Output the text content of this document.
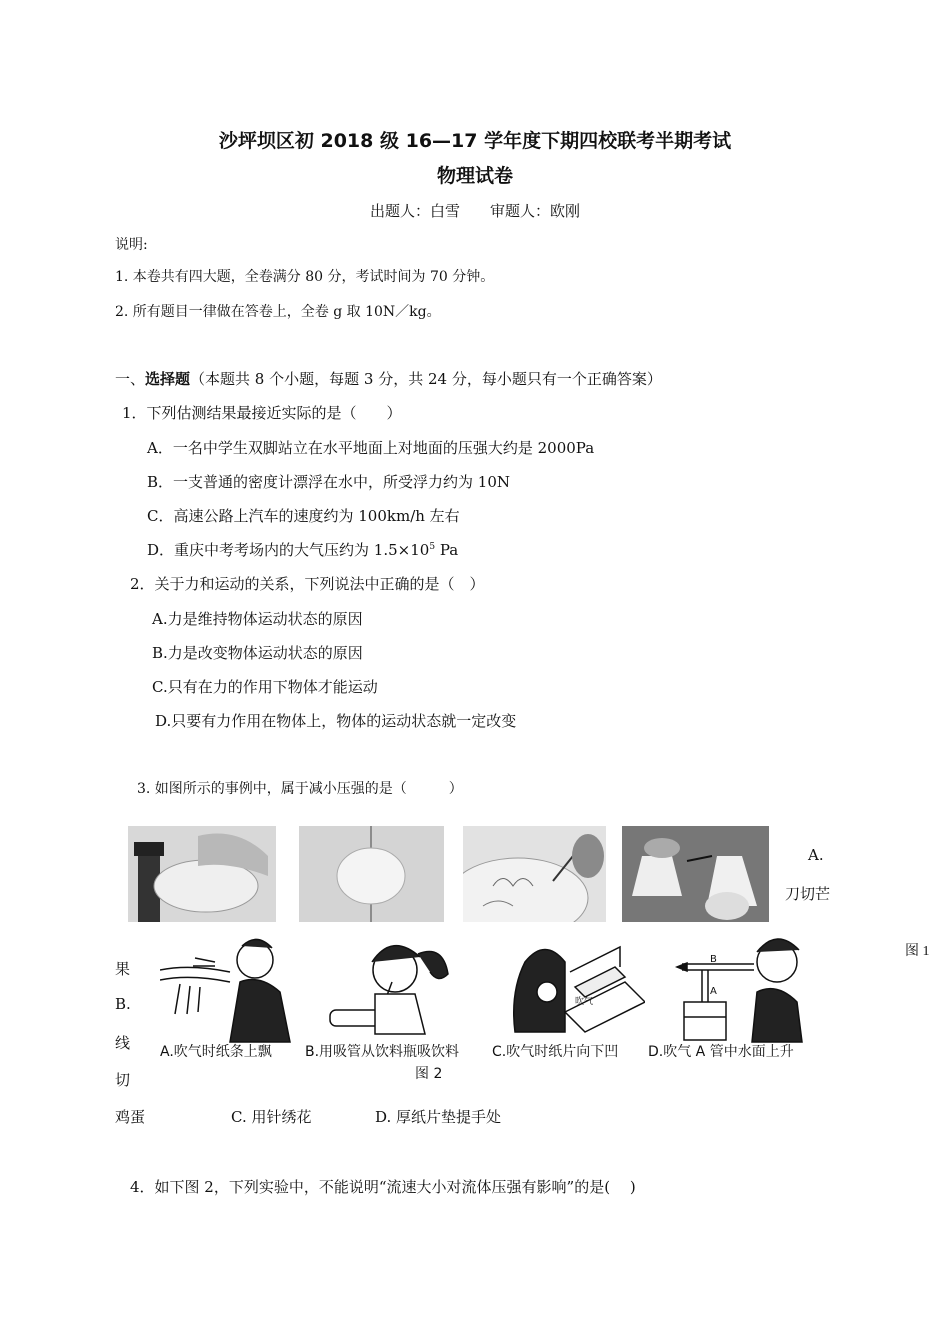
沙坪坝区初 2018 级 16—17 学年度下期四校联考半期考试
物理试卷
出题人：白雪　　审题人：欧刚
说明:
1. 本卷共有四大题，全卷满分 80 分，考试时间为 70 分钟。
2. 所有题目一律做在答卷上，全卷 g 取 10N／kg。
一、选择题（本题共 8 个小题，每题 3 分，共 24 分，每小题只有一个正确答案）
1．下列估测结果最接近实际的是（　　）
A．一名中学生双脚站立在水平地面上对地面的压强大约是 2000Pa
B．一支普通的密度计漂浮在水中，所受浮力约为 10N
C．高速公路上汽车的速度约为 100km/h 左右
D．重庆中考考场内的大气压约为 $1.5\times 10^5$ Pa
2．关于力和运动的关系，下列说法中正确的是（　）
A.力是维持物体运动状态的原因
B.力是改变物体运动状态的原因
C.只有在力的作用下物体才能运动
D.只要有力作用在物体上，物体的运动状态就一定改变
3. 如图所示的事例中，属于减小压强的是（　　　）
A.
刀切芒
图 1
果
B.
线
切
鸡蛋	C. 用针绣花	D. 厚纸片垫提手处
吹气
B
A
A.吹气时纸条上飘 B.用吸管从饮料瓶吸饮料 C.吹气时纸片向下凹 D.吹气 A 管中水面上升
图 2
4．如下图 2，下列实验中，不能说明“流速大小对流体压强有影响”的是(　 )
